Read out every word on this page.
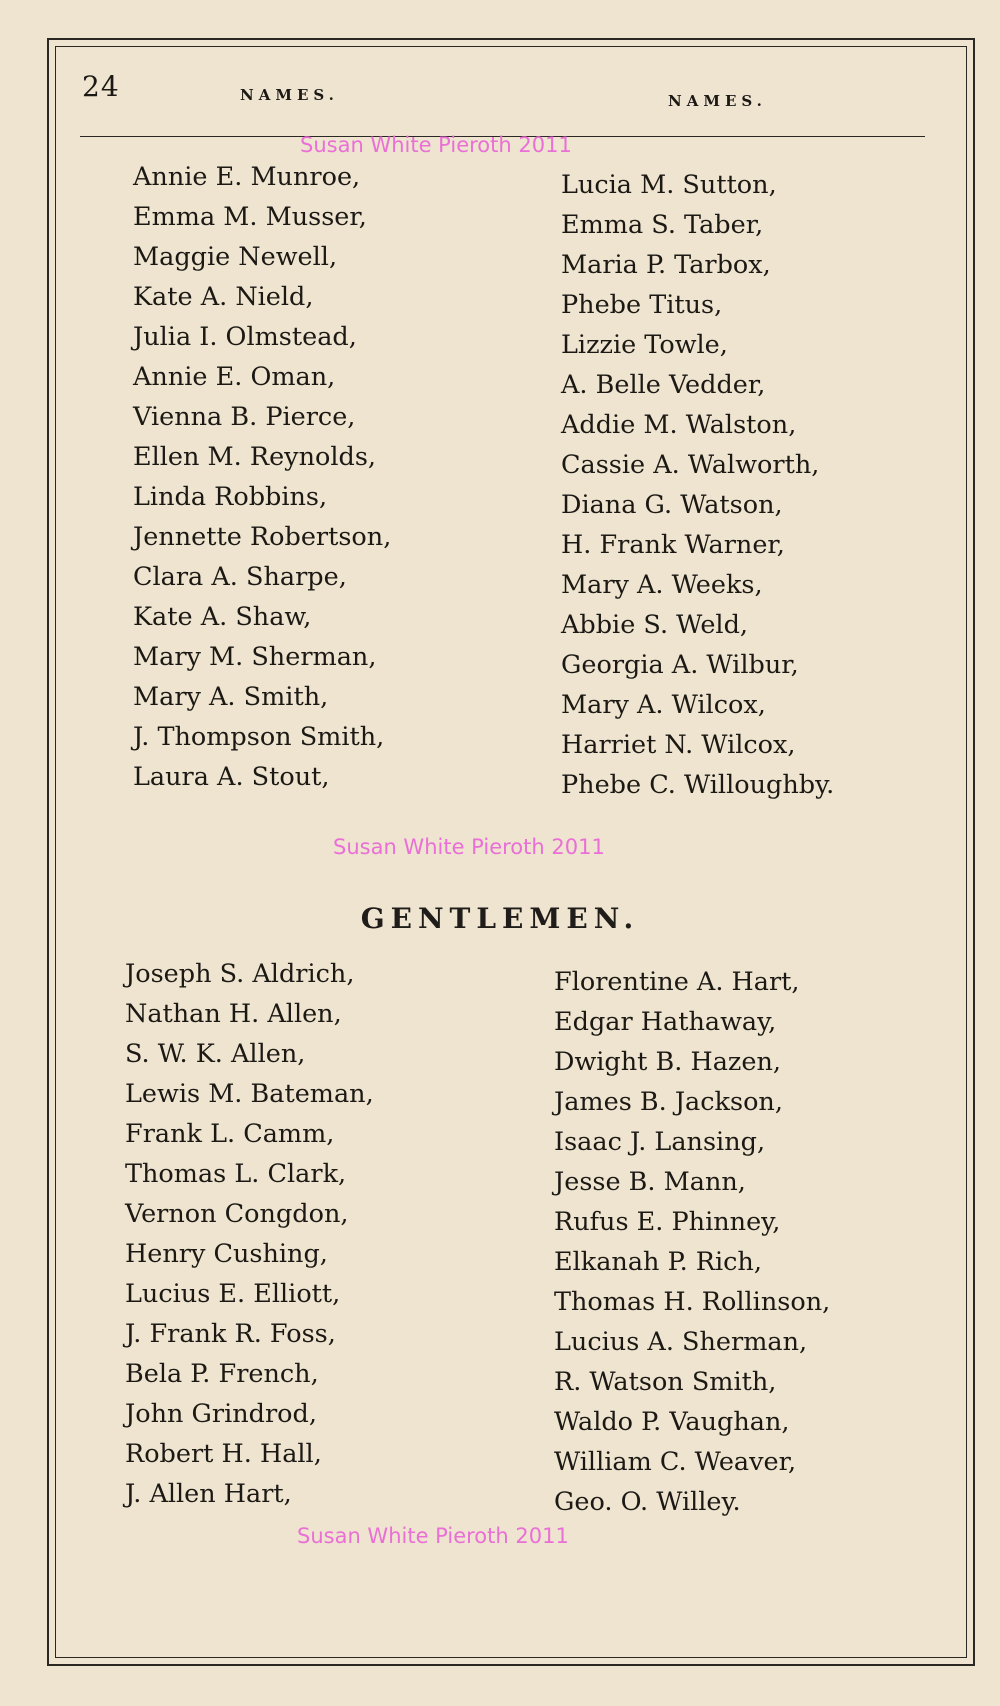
24	NAMES.	NAMES.
Susan White Pieroth 2011
Annie E. Munroe,
Emma M. Musser,
Maggie Newell,
Kate A. Nield,
Julia I. Olmstead,
Annie E. Oman,
Vienna B. Pierce,
Ellen M. Reynolds,
Linda Robbins,
Jennette Robertson,
Clara A. Sharpe,
Kate A. Shaw,
Mary M. Sherman,
Mary A. Smith,
J. Thompson Smith,
Laura A. Stout,
Lucia M. Sutton,
Emma S. Taber,
Maria P. Tarbox,
Phebe Titus,
Lizzie Towle,
A. Belle Vedder,
Addie M. Walston,
Cassie A. Walworth,
Diana G. Watson,
H. Frank Warner,
Mary A. Weeks,
Abbie S. Weld,
Georgia A. Wilbur,
Mary A. Wilcox,
Harriet N. Wilcox,
Phebe C. Willoughby.
Susan White Pieroth 2011
GENTLEMEN.
Joseph S. Aldrich,
Nathan H. Allen,
S. W. K. Allen,
Lewis M. Bateman,
Frank L. Camm,
Thomas L. Clark,
Vernon Congdon,
Henry Cushing,
Lucius E. Elliott,
J. Frank R. Foss,
Bela P. French,
John Grindrod,
Robert H. Hall,
J. Allen Hart,
Florentine A. Hart,
Edgar Hathaway,
Dwight B. Hazen,
James B. Jackson,
Isaac J. Lansing,
Jesse B. Mann,
Rufus E. Phinney,
Elkanah P. Rich,
Thomas H. Rollinson,
Lucius A. Sherman,
R. Watson Smith,
Waldo P. Vaughan,
William C. Weaver,
Geo. O. Willey.
Susan White Pieroth 2011
